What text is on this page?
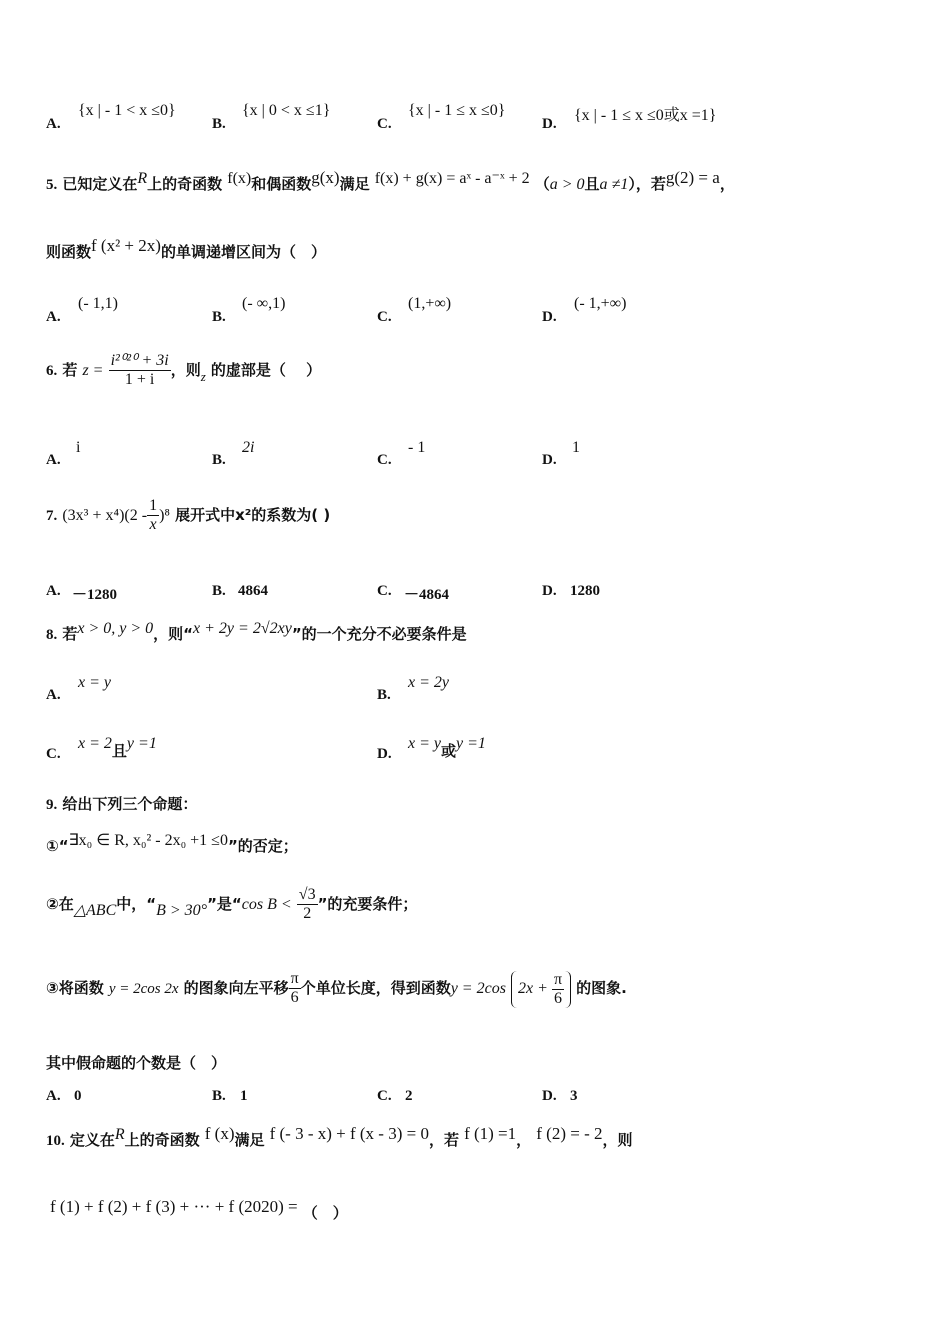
A.
{x | - 1 < x ≤0}
B.
{x | 0 < x ≤1}
C.
{x | - 1 ≤ x ≤0}
D. {x | - 1 ≤ x ≤0或x =1}
5. 已知定义在R上的奇函数 f(x)和偶函数g(x)满足 f(x) + g(x) = aˣ - a⁻ˣ + 2 （a > 0且a ≠1），若g(2) = a，
则函数f (x² + 2x)的单调递增区间为（　）
A.
(- 1,1)
B.
(- ∞,1)
C.
(1,+∞)
D.
(- 1,+∞)
6. 若 $z = \frac{\text{i²⁰²⁰ + 3i}}{1 + i}$ ，则$_z$ 的虚部是（　 ）
A.
i
B.
2i
C.
- 1
D.
1
7. $(3x^3 + x^4)(2 - \frac{1}{x} )^8$ 展开式中x²的系数为( )
A. －1280	B. 4864	C. －4864	D. 1280
8. 若x > 0, y > 0，则“x + 2y = 2√2xy”的一个充分不必要条件是
A.
x = y
B.
x = 2y
C.
x = 2且y =1
D.
x = y或y =1
9. 给出下列三个命题：
①“∃x₀ ∈ R, x₀² - 2x₀ +1 ≤0”的否定；
②在△ABC中，“B > 30°”是“cos $B < \frac{√3}{2}$ ”的充要条件；
③将函数 y = 2cos 2x 的图象向左平移 $\frac{\pi}{6}$ 个单位长度，得到函数y = 2cos $2x + \frac{\pi}{6}$ 的图象.
其中假命题的个数是（　）
A. 0	B. 1	C. 2	D. 3
10. 定义在R上的奇函数 f (x)满足 f (- 3 - x) + f (x - 3) = 0，若 f (1) =1， f (2) = - 2，则
f (1) + f (2) + f (3) + ··· + f (2020) = （　）
